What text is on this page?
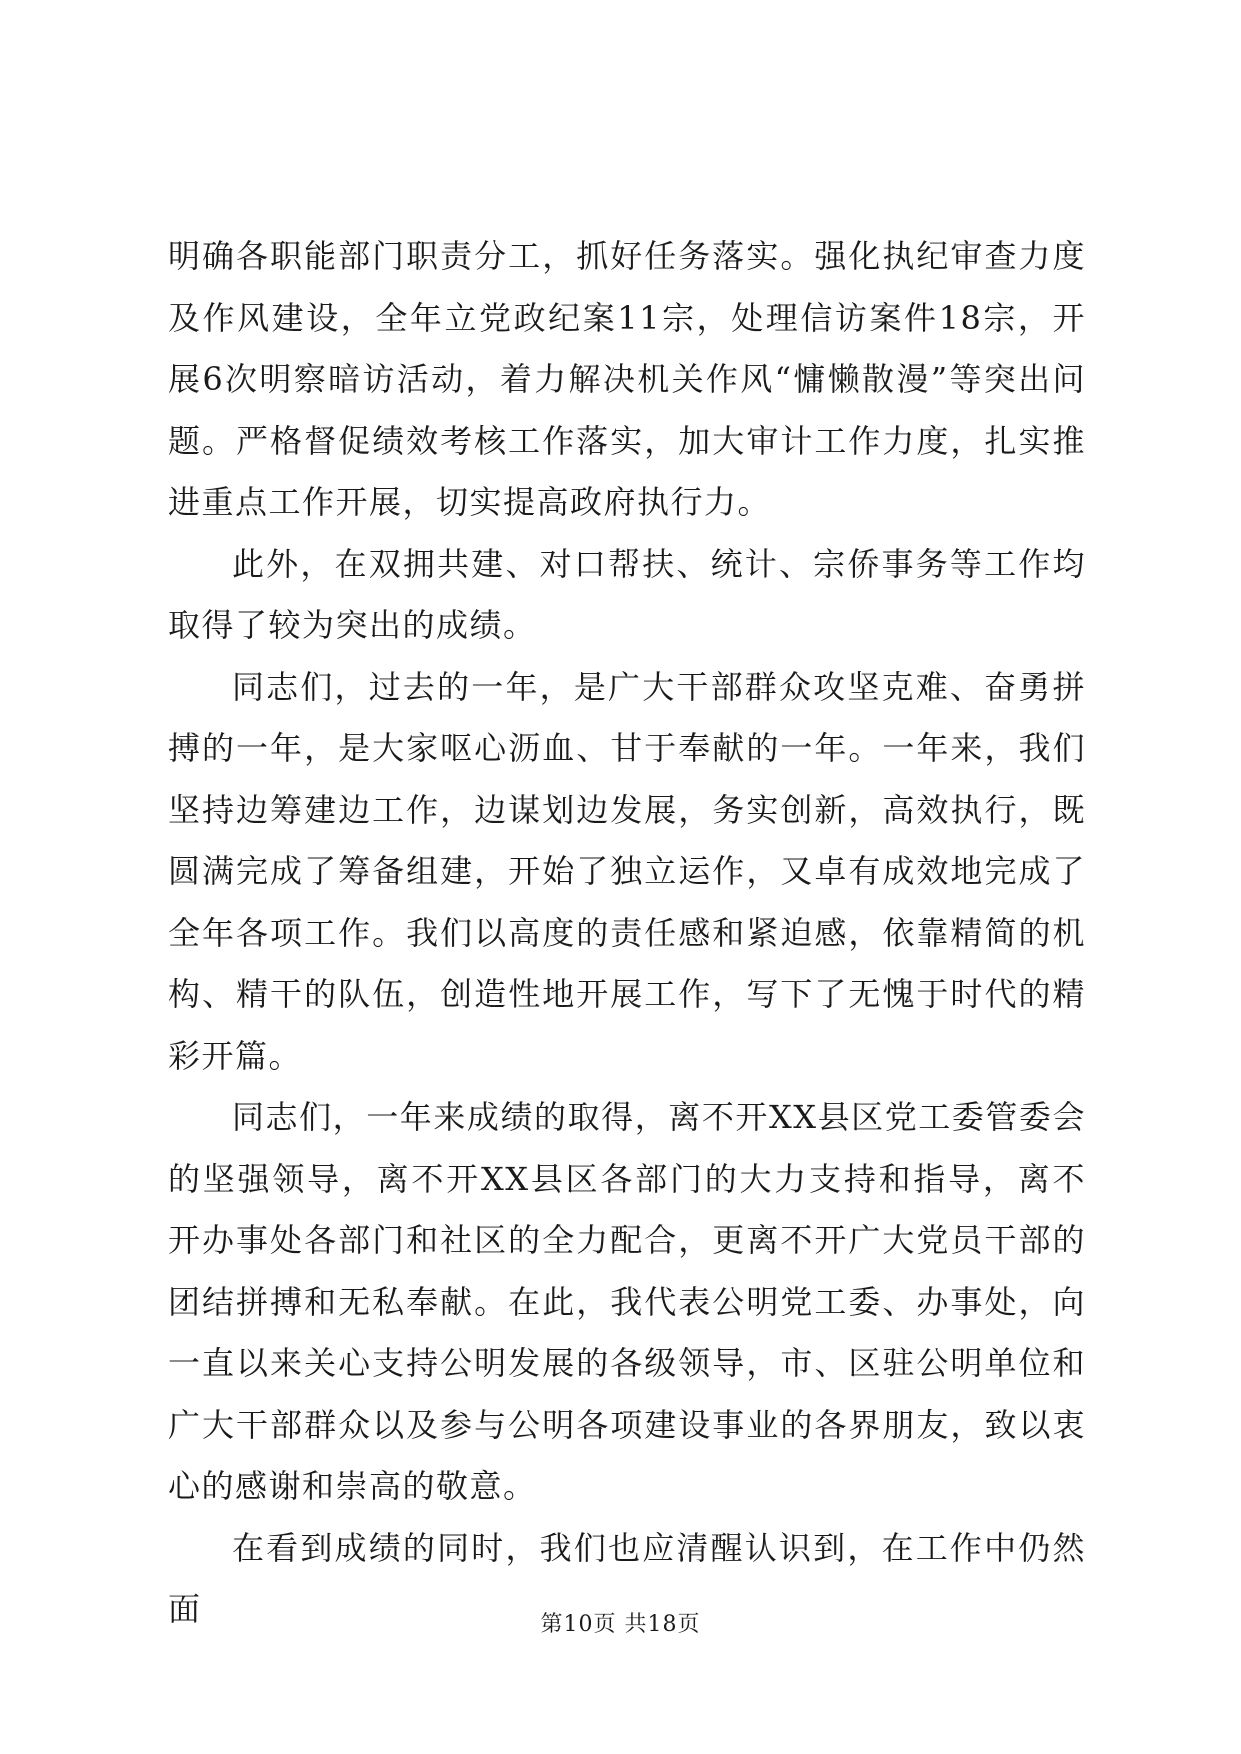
明确各职能部门职责分工，抓好任务落实。强化执纪审查力度及作风建设，全年立党政纪案11宗，处理信访案件18宗，开展6次明察暗访活动，着力解决机关作风“慵懒散漫”等突出问题。严格督促绩效考核工作落实，加大审计工作力度，扎实推进重点工作开展，切实提高政府执行力。

此外，在双拥共建、对口帮扶、统计、宗侨事务等工作均取得了较为突出的成绩。

同志们，过去的一年，是广大干部群众攻坚克难、奋勇拼搏的一年，是大家呕心沥血、甘于奉献的一年。一年来，我们坚持边筹建边工作，边谋划边发展，务实创新，高效执行，既圆满完成了筹备组建，开始了独立运作，又卓有成效地完成了全年各项工作。我们以高度的责任感和紧迫感，依靠精简的机构、精干的队伍，创造性地开展工作，写下了无愧于时代的精彩开篇。

同志们，一年来成绩的取得，离不开XX县区党工委管委会的坚强领导，离不开XX县区各部门的大力支持和指导，离不开办事处各部门和社区的全力配合，更离不开广大党员干部的团结拼搏和无私奉献。在此，我代表公明党工委、办事处，向一直以来关心支持公明发展的各级领导，市、区驻公明单位和广大干部群众以及参与公明各项建设事业的各界朋友，致以衷心的感谢和崇高的敬意。

在看到成绩的同时，我们也应清醒认识到，在工作中仍然面	第10页 共18页
